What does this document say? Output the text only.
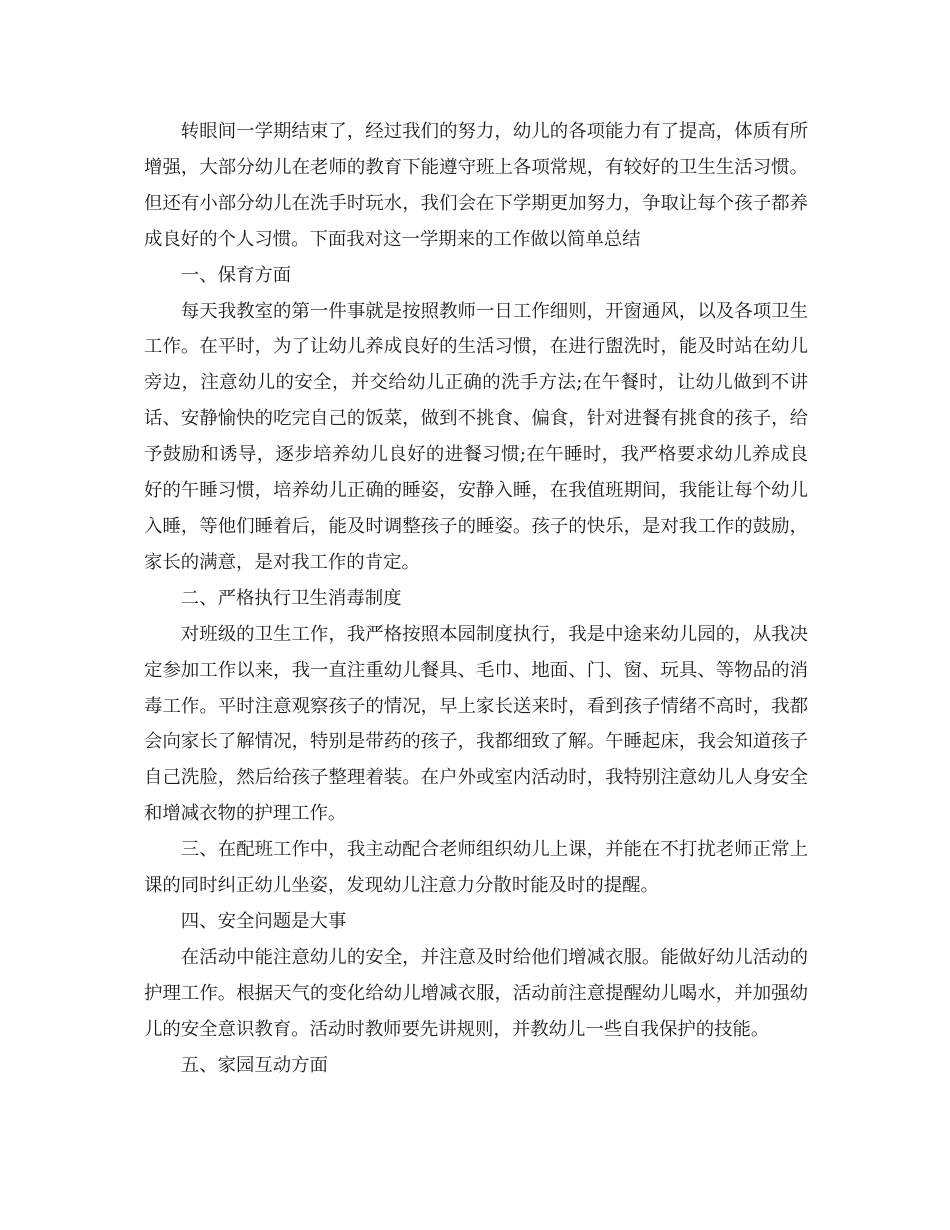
转眼间一学期结束了，经过我们的努力，幼儿的各项能力有了提高，体质有所增强，大部分幼儿在老师的教育下能遵守班上各项常规，有较好的卫生生活习惯。但还有小部分幼儿在洗手时玩水，我们会在下学期更加努力，争取让每个孩子都养成良好的个人习惯。下面我对这一学期来的工作做以简单总结

一、保育方面

每天我教室的第一件事就是按照教师一日工作细则，开窗通风，以及各项卫生工作。在平时，为了让幼儿养成良好的生活习惯，在进行盥洗时，能及时站在幼儿旁边，注意幼儿的安全，并交给幼儿正确的洗手方法;在午餐时，让幼儿做到不讲话、安静愉快的吃完自己的饭菜，做到不挑食、偏食，针对进餐有挑食的孩子，给予鼓励和诱导，逐步培养幼儿良好的进餐习惯;在午睡时，我严格要求幼儿养成良好的午睡习惯，培养幼儿正确的睡姿，安静入睡，在我值班期间，我能让每个幼儿入睡，等他们睡着后，能及时调整孩子的睡姿。孩子的快乐，是对我工作的鼓励，家长的满意，是对我工作的肯定。

二、严格执行卫生消毒制度

对班级的卫生工作，我严格按照本园制度执行，我是中途来幼儿园的，从我决定参加工作以来，我一直注重幼儿餐具、毛巾、地面、门、窗、玩具、等物品的消毒工作。平时注意观察孩子的情况，早上家长送来时，看到孩子情绪不高时，我都会向家长了解情况，特别是带药的孩子，我都细致了解。午睡起床，我会知道孩子自己洗脸，然后给孩子整理着装。在户外或室内活动时，我特别注意幼儿人身安全和增减衣物的护理工作。

三、在配班工作中，我主动配合老师组织幼儿上课，并能在不打扰老师正常上课的同时纠正幼儿坐姿，发现幼儿注意力分散时能及时的提醒。

四、安全问题是大事

在活动中能注意幼儿的安全，并注意及时给他们增减衣服。能做好幼儿活动的护理工作。根据天气的变化给幼儿增减衣服，活动前注意提醒幼儿喝水，并加强幼儿的安全意识教育。活动时教师要先讲规则，并教幼儿一些自我保护的技能。

五、家园互动方面
